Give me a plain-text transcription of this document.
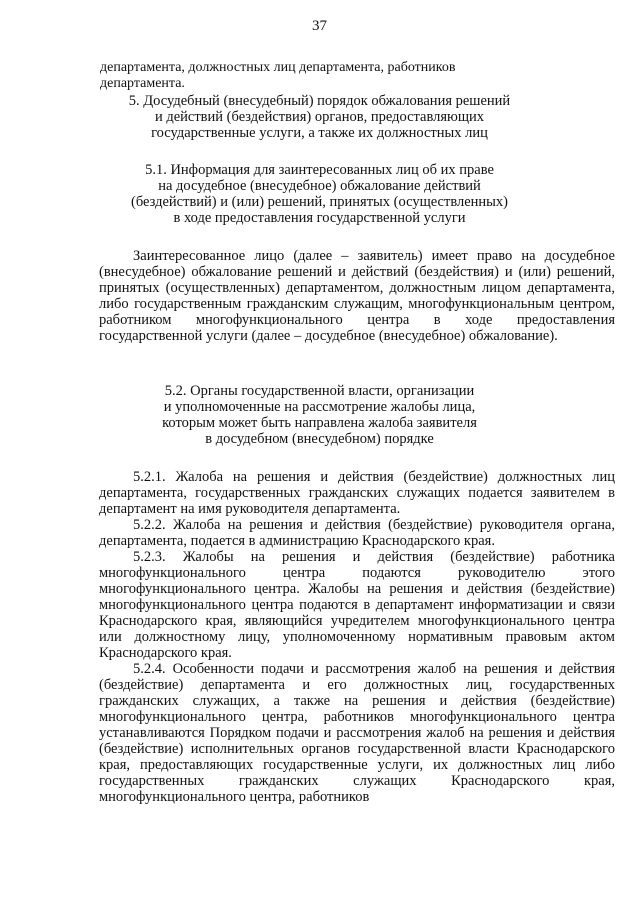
37
департамента, должностных лиц департамента, работников департамента.
5. Досудебный (внесудебный) порядок обжалования решений
и действий (бездействия) органов, предоставляющих
государственные услуги, а также их должностных лиц
5.1. Информация для заинтересованных лиц об их праве
на досудебное (внесудебное) обжалование действий
(бездействий) и (или) решений, принятых (осуществленных)
в ходе предоставления государственной услуги

Заинтересованное лицо (далее – заявитель) имеет право на досудебное (внесудебное) обжалование решений и действий (бездействия) и (или) решений, принятых (осуществленных) департаментом, должностным лицом департамента, либо государственным гражданским служащим, многофункциональным центром, работником многофункционального центра в ходе предоставления государственной услуги (далее – досудебное (внесудебное) обжалование).

5.2. Органы государственной власти, организации
и уполномоченные на рассмотрение жалобы лица,
которым может быть направлена жалоба заявителя
в досудебном (внесудебном) порядке

5.2.1. Жалоба на решения и действия (бездействие) должностных лиц департамента, государственных гражданских служащих подается заявителем в департамент на имя руководителя департамента.

5.2.2. Жалоба на решения и действия (бездействие) руководителя органа, департамента, подается в администрацию Краснодарского края.

5.2.3. Жалобы на решения и действия (бездействие) работника многофункционального центра подаются руководителю этого многофункционального центра. Жалобы на решения и действия (бездействие) многофункционального центра подаются в департамент информатизации и связи Краснодарского края, являющийся учредителем многофункционального центра или должностному лицу, уполномоченному нормативным правовым актом Краснодарского края.

5.2.4. Особенности подачи и рассмотрения жалоб на решения и действия (бездействие) департамента и его должностных лиц, государственных гражданских служащих, а также на решения и действия (бездействие) многофункционального центра, работников многофункционального центра устанавливаются Порядком подачи и рассмотрения жалоб на решения и действия (бездействие) исполнительных органов государственной власти Краснодарского края, предоставляющих государственные услуги, их должностных лиц либо государственных гражданских служащих Краснодарского края, многофункционального центра, работников
